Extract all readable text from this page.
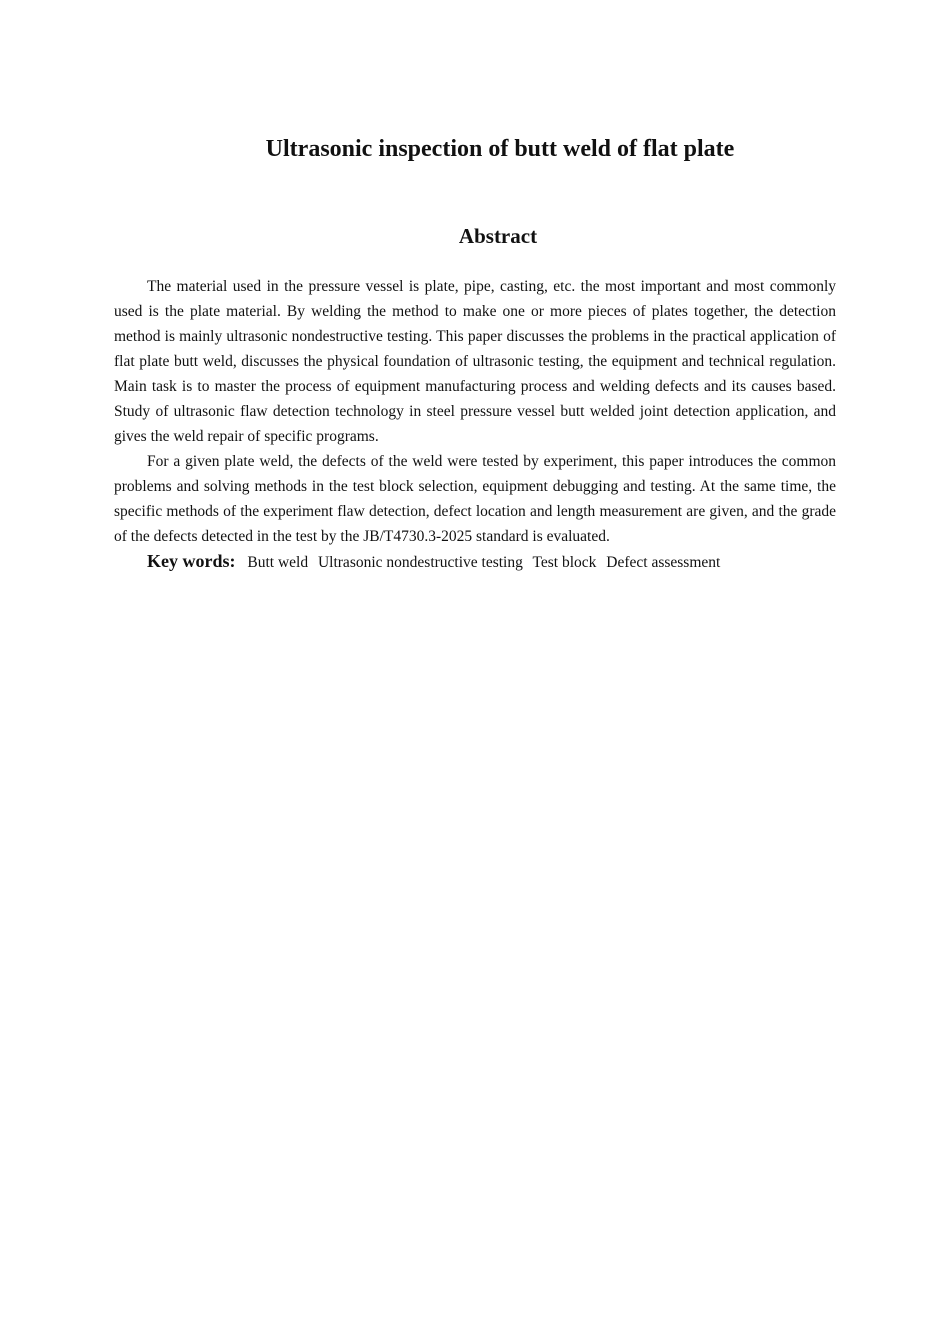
Ultrasonic inspection of butt weld of flat plate
Abstract

The material used in the pressure vessel is plate, pipe, casting, etc. the most important and most commonly used is the plate material. By welding the method to make one or more pieces of plates together, the detection method is mainly ultrasonic nondestructive testing. This paper discusses the problems in the practical application of flat plate butt weld, discusses the physical foundation of ultrasonic testing, the equipment and technical regulation. Main task is to master the process of equipment manufacturing process and welding defects and its causes based. Study of ultrasonic flaw detection technology in steel pressure vessel butt welded joint detection application, and gives the weld repair of specific programs.

For a given plate weld, the defects of the weld were tested by experiment, this paper introduces the common problems and solving methods in the test block selection, equipment debugging and testing. At the same time, the specific methods of the experiment flaw detection, defect location and length measurement are given, and the grade of the defects detected in the test by the JB/T4730.3-2025 standard is evaluated.

Key words: Butt weld Ultrasonic nondestructive testing Test block Defect assessment
